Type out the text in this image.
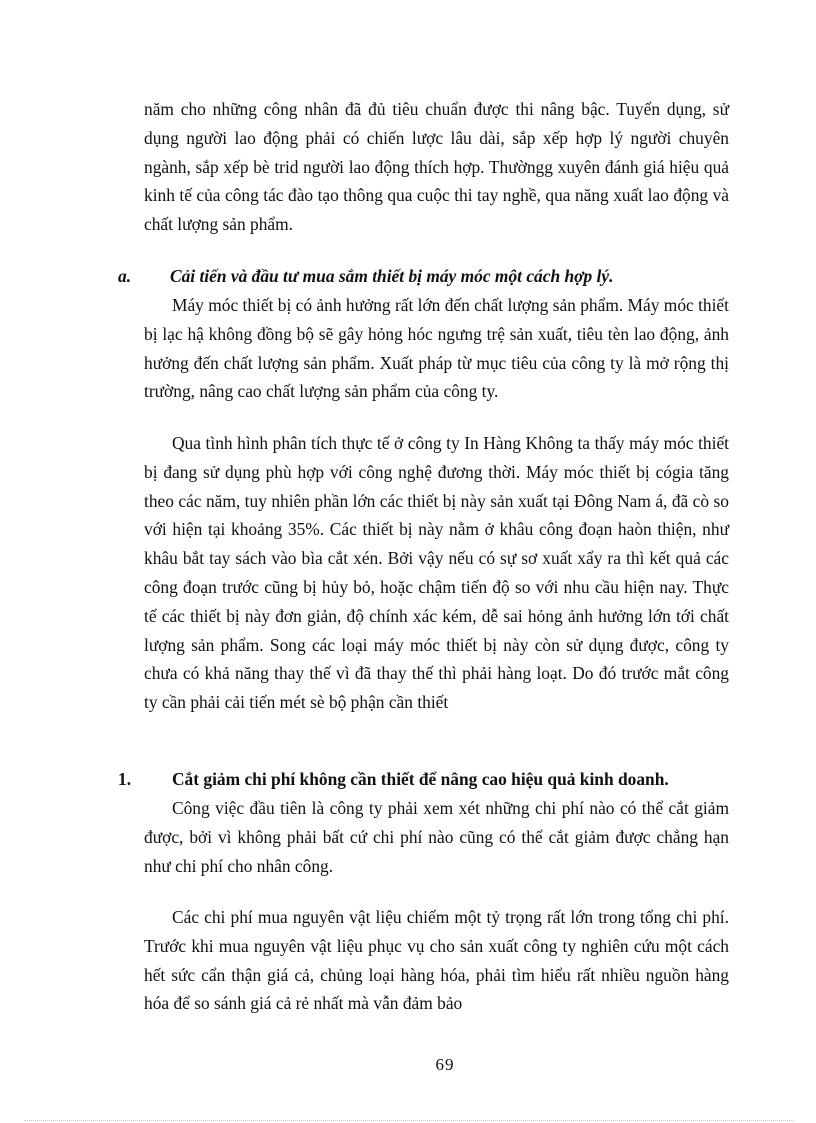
năm cho những công nhân đã đủ tiêu chuẩn được thi nâng bậc. Tuyển dụng, sử dụng người lao động phải có chiến lược lâu dài, sắp xếp hợp lý người chuyên ngành, sắp xếp bè trid người lao động thích hợp. Thườngg xuyên đánh giá hiệu quả kinh tế của công tác đào tạo thông qua cuộc thi tay nghề, qua năng xuất lao động và chất lượng sản phẩm.

a. Cải tiến và đầu tư mua sắm thiết bị máy móc một cách hợp lý.

Máy móc thiết bị có ảnh hưởng rất lớn đến chất lượng sản phẩm. Máy móc thiết bị lạc hậ không đồng bộ sẽ gây hỏng hóc ngưng trệ sản xuất, tiêu tèn lao động, ảnh hưởng đến chất lượng sản phẩm. Xuất pháp từ mục tiêu của công ty là mở rộng thị trường, nâng cao chất lượng sản phẩm của công ty.

Qua tình hình phân tích thực tế ở công ty In Hàng Không ta thấy máy móc thiết bị đang sử dụng phù hợp với công nghệ đương thời. Máy móc thiết bị cógia tăng theo các năm, tuy nhiên phần lớn các thiết bị này sản xuất tại Đông Nam á, đã cò so với hiện tại khoảng 35%. Các thiết bị này nằm ở khâu công đoạn haòn thiện, như khâu bắt tay sách vào bìa cắt xén. Bởi vậy nếu có sự sơ xuất xẩy ra thì kết quả các công đoạn trước cũng bị hủy bỏ, hoặc chậm tiến độ so với nhu cầu hiện nay. Thực tế các thiết bị này đơn giản, độ chính xác kém, dễ sai hỏng ảnh hưởng lớn tới chất lượng sản phẩm. Song các loại máy móc thiết bị này còn sử dụng được, công ty chưa có khả năng thay thế vì đã thay thế thì phải hàng loạt. Do đó trước mắt công ty cần phải cải tiến mét sè bộ phận cần thiết

1. Cắt giảm chi phí không cần thiết để nâng cao hiệu quả kinh doanh.

Công việc đầu tiên là công ty phải xem xét những chi phí nào có thể cắt giảm được, bởi vì không phải bất cứ chi phí nào cũng có thể cắt giảm được chẳng hạn như chi phí cho nhân công.

Các chi phí mua nguyên vật liệu chiếm một tỷ trọng rất lớn trong tổng chi phí. Trước khi mua nguyên vật liệu phục vụ cho sản xuất công ty nghiên cứu một cách hết sức cẩn thận giá cả, chủng loại hàng hóa, phải tìm hiểu rất nhiều nguồn hàng hóa để so sánh giá cả rẻ nhất mà vẫn đảm bảo

69
